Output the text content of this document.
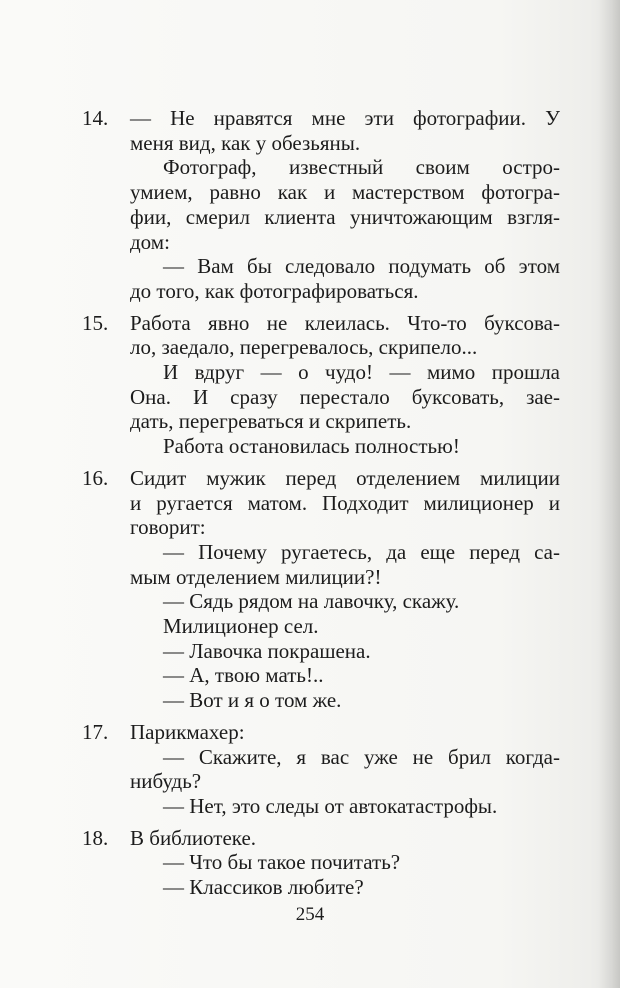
14.	— Не нравятся мне эти фотографии. У
меня вид, как у обезьяны.
Фотограф, известный своим остро-
умием, равно как и мастерством фотогра-
фии, смерил клиента уничтожающим взгля-
дом:
— Вам бы следовало подумать об этом
до того, как фотографироваться.
15.	Работа явно не клеилась. Что-то буксова-
ло, заедало, перегревалось, скрипело...
И вдруг — о чудо! — мимо прошла
Она. И сразу перестало буксовать, зае-
дать, перегреваться и скрипеть.
Работа остановилась полностью!
16.	Сидит мужик перед отделением милиции
и ругается матом. Подходит милиционер и
говорит:
— Почему ругаетесь, да еще перед са-
мым отделением милиции?!
— Сядь рядом на лавочку, скажу.
Милиционер сел.
— Лавочка покрашена.
— А, твою мать!..
— Вот и я о том же.
17.	Парикмахер:
— Скажите, я вас уже не брил когда-
нибудь?
— Нет, это следы от автокатастрофы.
18.	В библиотеке.
— Что бы такое почитать?
— Классиков любите?
254
